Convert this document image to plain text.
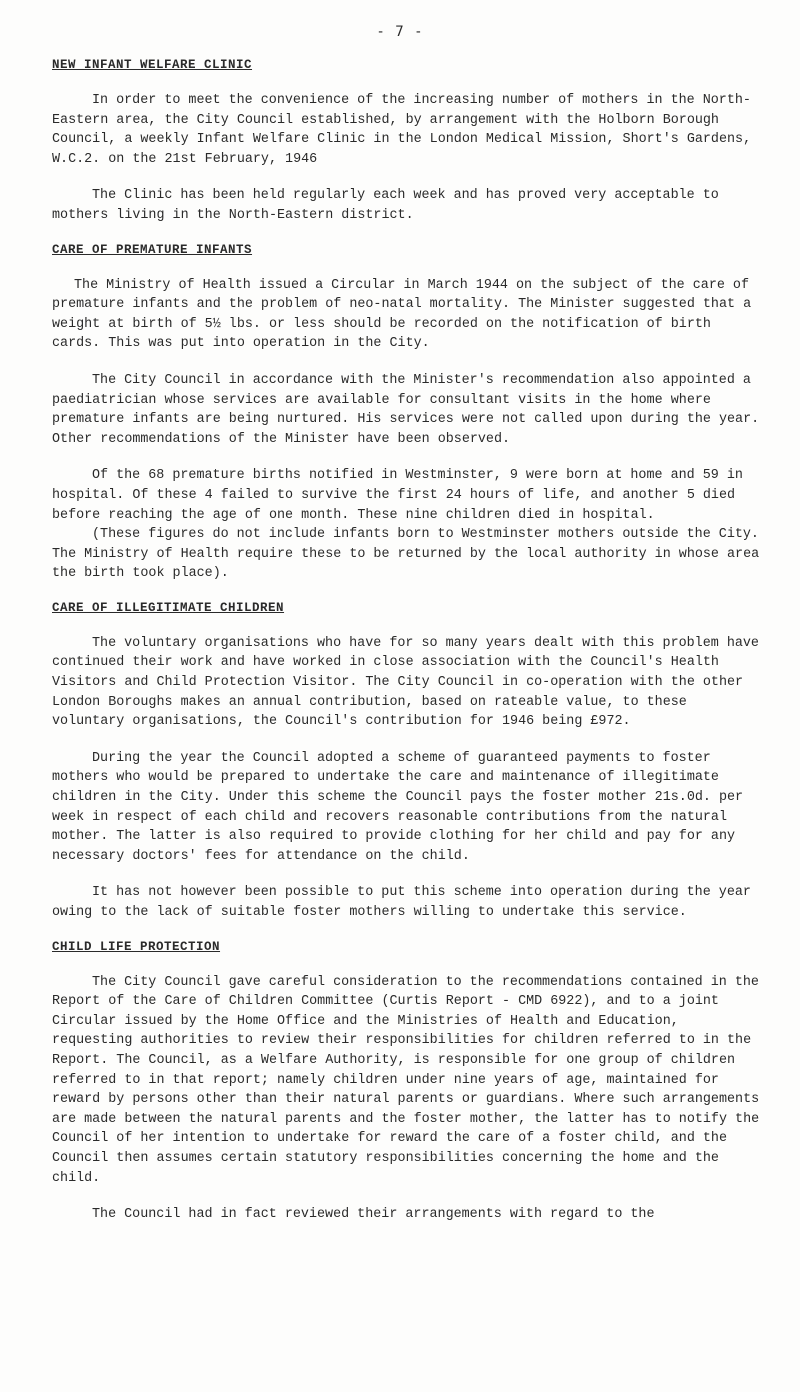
- 7 -
NEW INFANT WELFARE CLINIC

In order to meet the convenience of the increasing number of mothers in the North-Eastern area, the City Council established, by arrangement with the Holborn Borough Council, a weekly Infant Welfare Clinic in the London Medical Mission, Short's Gardens, W.C.2. on the 21st February, 1946

The Clinic has been held regularly each week and has proved very acceptable to mothers living in the North-Eastern district.

CARE OF PREMATURE INFANTS

The Ministry of Health issued a Circular in March 1944 on the subject of the care of premature infants and the problem of neo-natal mortality. The Minister suggested that a weight at birth of 5½ lbs. or less should be recorded on the notification of birth cards. This was put into operation in the City.

The City Council in accordance with the Minister's recommendation also appointed a paediatrician whose services are available for consultant visits in the home where premature infants are being nurtured. His services were not called upon during the year. Other recommendations of the Minister have been observed.

Of the 68 premature births notified in Westminster, 9 were born at home and 59 in hospital. Of these 4 failed to survive the first 24 hours of life, and another 5 died before reaching the age of one month. These nine children died in hospital.

(These figures do not include infants born to Westminster mothers outside the City. The Ministry of Health require these to be returned by the local authority in whose area the birth took place).

CARE OF ILLEGITIMATE CHILDREN

The voluntary organisations who have for so many years dealt with this problem have continued their work and have worked in close association with the Council's Health Visitors and Child Protection Visitor. The City Council in co-operation with the other London Boroughs makes an annual contribution, based on rateable value, to these voluntary organisations, the Council's contribution for 1946 being £972.

During the year the Council adopted a scheme of guaranteed payments to foster mothers who would be prepared to undertake the care and maintenance of illegitimate children in the City. Under this scheme the Council pays the foster mother 21s.0d. per week in respect of each child and recovers reasonable contributions from the natural mother. The latter is also required to provide clothing for her child and pay for any necessary doctors' fees for attendance on the child.

It has not however been possible to put this scheme into operation during the year owing to the lack of suitable foster mothers willing to undertake this service.

CHILD LIFE PROTECTION

The City Council gave careful consideration to the recommendations contained in the Report of the Care of Children Committee (Curtis Report - CMD 6922), and to a joint Circular issued by the Home Office and the Ministries of Health and Education, requesting authorities to review their responsibilities for children referred to in the Report. The Council, as a Welfare Authority, is responsible for one group of children referred to in that report; namely children under nine years of age, maintained for reward by persons other than their natural parents or guardians. Where such arrangements are made between the natural parents and the foster mother, the latter has to notify the Council of her intention to undertake for reward the care of a foster child, and the Council then assumes certain statutory responsibilities concerning the home and the child.

The Council had in fact reviewed their arrangements with regard to the
